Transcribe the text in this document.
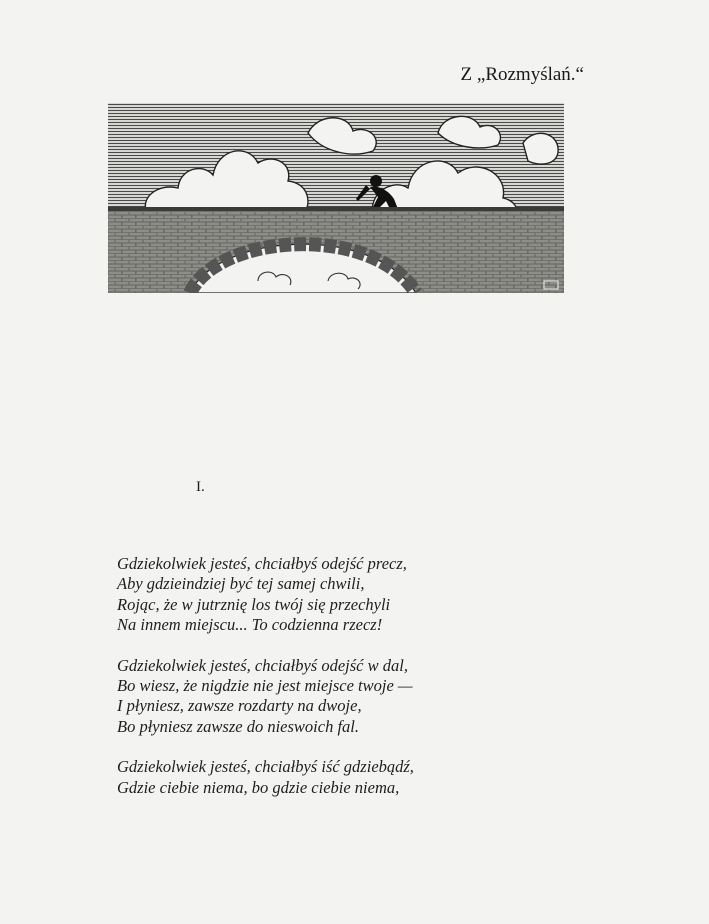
Z „Rozmyślań.“

I.
Gdziekolwiek jesteś, chciałbyś odejść precz,
Aby gdzieindziej być tej samej chwili,
Rojąc, że w jutrznię los twój się przechyli
Na innem miejscu... To codzienna rzecz!
Gdziekolwiek jesteś, chciałbyś odejść w dal,
Bo wiesz, że nigdzie nie jest miejsce twoje —
I płyniesz, zawsze rozdarty na dwoje,
Bo płyniesz zawsze do nieswoich fal.
Gdziekolwiek jesteś, chciałbyś iść gdziebądź,
Gdzie ciebie niema, bo gdzie ciebie niema,
